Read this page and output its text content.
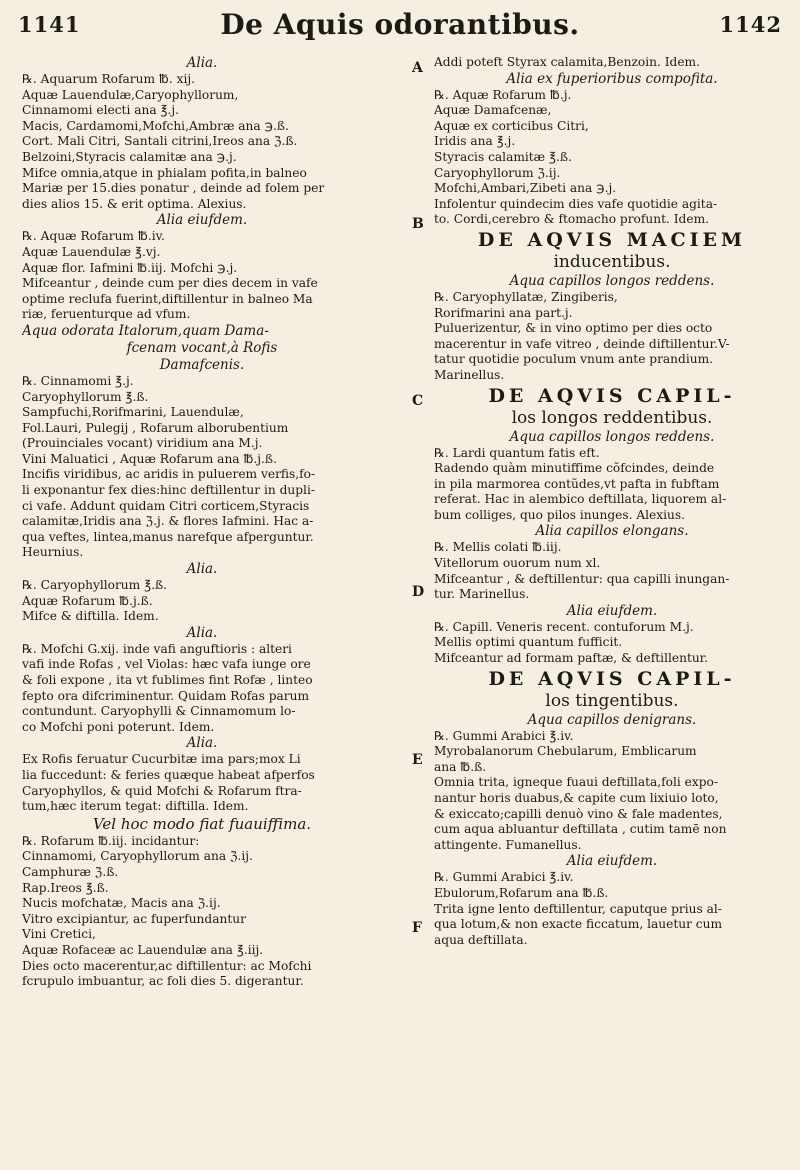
1141	De Aquis odorantibus.	1142
A
B
C
D
E
F
Alia.
℞. Aquarum Rofarum ℔. xij.
Aquæ Lauendulæ,Caryophyllorum,
Cinnamomi electi ana ℥.j.
Macis, Cardamomi,Mofchi,Ambræ ana ℈.ß.
Cort. Mali Citri, Santali citrini,Ireos ana ℨ.ß.
Belzoini,Styracis calamitæ ana ℈.j.
Mifce omnia,atque in phialam pofita,in balneo
Mariæ per 15.dies ponatur , deinde ad folem per
dies alios 15. & erit optima. Alexius.
Alia eiufdem.
℞. Aquæ Rofarum ℔.iv.
Aquæ Lauendulæ ℥.vj.
Aquæ flor. Iafmini ℔.iij. Mofchi ℈.j.
Mifceantur , deinde cum per dies decem in vafe
optime reclufa fuerint,diftillentur in balneo Ma
riæ, feruenturque ad vfum.
Aqua odorata Italorum,quam Dama-
fcenam vocant,à Rofis
Damafcenis.
℞. Cinnamomi ℥.j.
Caryophyllorum ℥.ß.
Sampfuchi,Rorifmarini, Lauendulæ,
Fol.Lauri, Pulegij , Rofarum alborubentium
(Prouinciales vocant) viridium ana M.j.
Vini Maluatici , Aquæ Rofarum ana ℔.j.ß.
Incifis viridibus, ac aridis in puluerem verfis,fo-
li exponantur fex dies:hinc deftillentur in dupli-
ci vafe. Addunt quidam Citri corticem,Styracis
calamitæ,Iridis ana ℨ.j. & flores Iafmini. Hac a-
qua veftes, lintea,manus narefque afperguntur.
Heurnius.
Alia.
℞. Caryophyllorum ℥.ß.
Aquæ Rofarum ℔.j.ß.
Mifce & diftilla. Idem.
Alia.
℞. Mofchi G.xij. inde vafi anguftioris : alteri
vafi inde Rofas , vel Violas: hæc vafa iunge ore
& foli expone , ita vt fublimes fint Rofæ , linteo
fepto ora difcriminentur. Quidam Rofas parum
contundunt. Caryophylli & Cinnamomum lo-
co Mofchi poni poterunt. Idem.
Alia.
Ex Rofis feruatur Cucurbitæ ima pars;mox Li
lia fuccedunt: & feries quæque habeat afperfos
Caryophyllos, & quid Mofchi & Rofarum ftra-
tum,hæc iterum tegat: diftilla. Idem.
Vel hoc modo fiat fuauiffima.
℞. Rofarum ℔.iij. incidantur:
Cinnamomi, Caryophyllorum ana ℨ.ij.
Camphuræ ℨ.ß.
Rap.Ireos ℥.ß.
Nucis mofchatæ, Macis ana ℨ.ij.
Vitro excipiantur, ac fuperfundantur
Vini Cretici,
Aquæ Rofaceæ ac Lauendulæ ana ℥.iij.
Dies octo macerentur,ac diftillentur: ac Mofchi
fcrupulo imbuantur, ac foli dies 5. digerantur.
Addi poteft Styrax calamita,Benzoin. Idem.
Alia ex fuperioribus compofita.
℞. Aquæ Rofarum ℔.j.
Aquæ Damafcenæ,
Aquæ ex corticibus Citri,
Iridis ana ℥.j.
Styracis calamitæ ℥.ß.
Caryophyllorum ℨ.ij.
Mofchi,Ambari,Zibeti ana ℈.j.
Infolentur quindecim dies vafe quotidie agita-
to. Cordi,cerebro & ftomacho profunt. Idem.
DE AQVIS MACIEM
inducentibus.
Aqua capillos longos reddens.
℞. Caryophyllatæ, Zingiberis,
Rorifmarini ana part.j.
Puluerizentur, & in vino optimo per dies octo
macerentur in vafe vitreo , deinde diftillentur.V-
tatur quotidie poculum vnum ante prandium.
Marinellus.
DE AQVIS CAPIL-
los longos reddentibus.
Aqua capillos longos reddens.
℞. Lardi quantum fatis eft.
Radendo quàm minutiffime cõfcindes, deinde
in pila marmorea contũdes,vt pafta in fubftam
referat. Hac in alembico deftillata, liquorem al-
bum colliges, quo pilos inunges. Alexius.
Alia capillos elongans.
℞. Mellis colati ℔.iij.
Vitellorum ouorum num xl.
Mifceantur , & deftillentur: qua capilli inungan-
tur. Marinellus.
Alia eiufdem.
℞. Capill. Veneris recent. contuforum M.j.
Mellis optimi quantum fufficit.
Mifceantur ad formam paftæ, & deftillentur.
DE AQVIS CAPIL-
los tingentibus.
Aqua capillos denigrans.
℞. Gummi Arabici ℥.iv.
Myrobalanorum Chebularum, Emblicarum
ana ℔.ß.
Omnia trita, igneque fuaui deftillata,foli expo-
nantur horis duabus,& capite cum lixiuio loto,
& exiccato;capilli denuò vino & fale madentes,
cum aqua abluantur deftillata , cutim tamē non
attingente. Fumanellus.
Alia eiufdem.
℞. Gummi Arabici ℥.iv.
Ebulorum,Rofarum ana ℔.ß.
Trita igne lento deftillentur, caputque prius al-
qua lotum,& non exacte ficcatum, lauetur cum
aqua deftillata.
